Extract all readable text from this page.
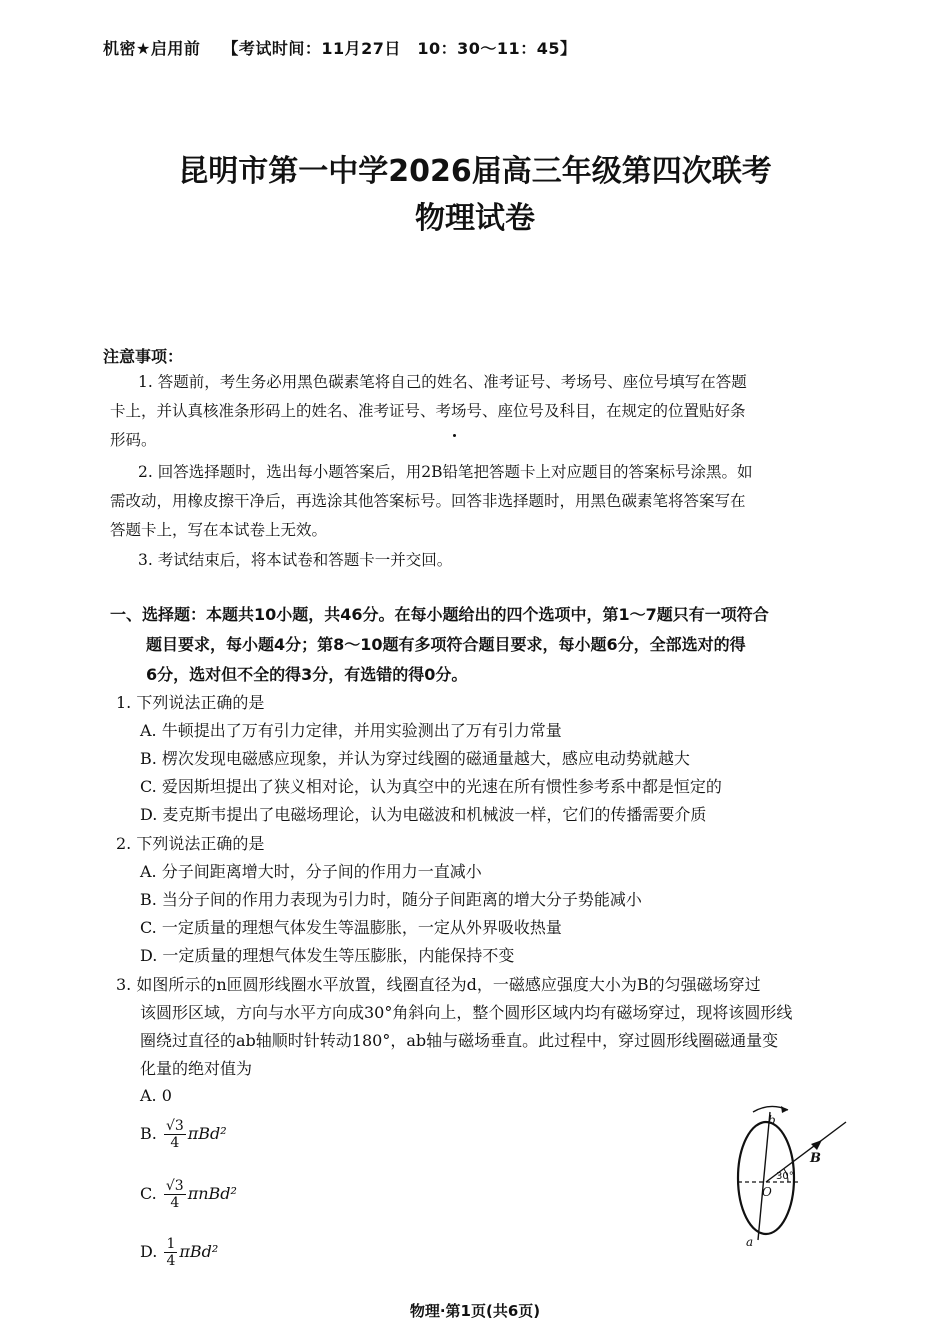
机密★启用前 【考试时间：11月27日　10：30～11：45】
昆明市第一中学2026届高三年级第四次联考
物理试卷
注意事项：
1. 答题前，考生务必用黑色碳素笔将自己的姓名、准考证号、考场号、座位号填写在答题
卡上，并认真核准条形码上的姓名、准考证号、考场号、座位号及科目，在规定的位置贴好条
形码。
2. 回答选择题时，选出每小题答案后，用2B铅笔把答题卡上对应题目的答案标号涂黑。如
需改动，用橡皮擦干净后，再选涂其他答案标号。回答非选择题时，用黑色碳素笔将答案写在
答题卡上，写在本试卷上无效。
3. 考试结束后，将本试卷和答题卡一并交回。
一、选择题：本题共10小题，共46分。在每小题给出的四个选项中，第1～7题只有一项符合
题目要求，每小题4分；第8～10题有多项符合题目要求，每小题6分，全部选对的得
6分，选对但不全的得3分，有选错的得0分。
1. 下列说法正确的是
A. 牛顿提出了万有引力定律，并用实验测出了万有引力常量
B. 楞次发现电磁感应现象，并认为穿过线圈的磁通量越大，感应电动势就越大
C. 爱因斯坦提出了狭义相对论，认为真空中的光速在所有惯性参考系中都是恒定的
D. 麦克斯韦提出了电磁场理论，认为电磁波和机械波一样，它们的传播需要介质
2. 下列说法正确的是
A. 分子间距离增大时，分子间的作用力一直减小
B. 当分子间的作用力表现为引力时，随分子间距离的增大分子势能减小
C. 一定质量的理想气体发生等温膨胀，一定从外界吸收热量
D. 一定质量的理想气体发生等压膨胀，内能保持不变
3. 如图所示的n匝圆形线圈水平放置，线圈直径为d，一磁感应强度大小为B的匀强磁场穿过
该圆形区域，方向与水平方向成30°角斜向上，整个圆形区域内均有磁场穿过，现将该圆形线
圈绕过直径的ab轴顺时针转动180°，ab轴与磁场垂直。此过程中，穿过圆形线圈磁通量变
化量的绝对值为
A. 0
B. $\frac{√3}{4} \pi Bd^2$
C. $\frac{√3}{4} \pi nBd^2$
D. $\frac{1}{4} \pi Bd^2$
b
a
O
B
30°
物理·第1页(共6页)
